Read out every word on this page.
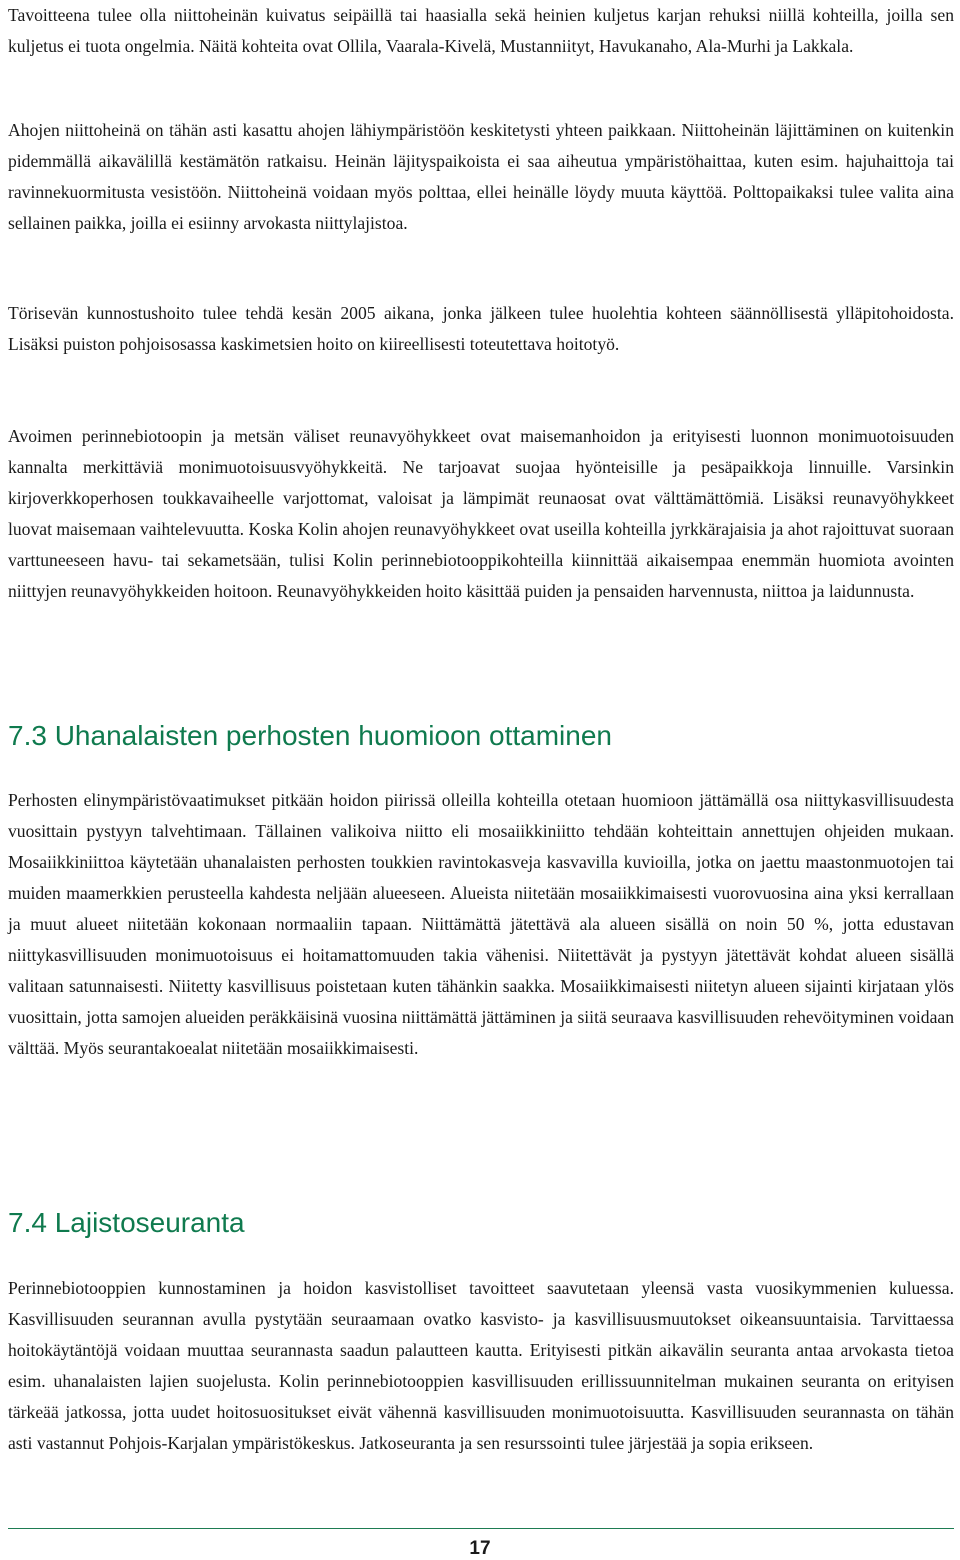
Tavoitteena tulee olla niittoheinän kuivatus seipäillä tai haasialla sekä heinien kuljetus karjan rehuksi niillä kohteilla, joilla sen kuljetus ei tuota ongelmia. Näitä kohteita ovat Ollila, Vaarala-Kivelä, Mustanniityt, Havukanaho, Ala-Murhi ja Lakkala.

Ahojen niittoheinä on tähän asti kasattu ahojen lähiympäristöön keskitetysti yhteen paikkaan. Niittoheinän läjittäminen on kuitenkin pidemmällä aikavälillä kestämätön ratkaisu. Heinän läjityspaikoista ei saa aiheutua ympäristöhaittaa, kuten esim. hajuhaittoja tai ravinnekuormitusta vesistöön. Niittoheinä voidaan myös polttaa, ellei heinälle löydy muuta käyttöä. Polttopaikaksi tulee valita aina sellainen paikka, joilla ei esiinny arvokasta niittylajistoa.

Törisevän kunnostushoito tulee tehdä kesän 2005 aikana, jonka jälkeen tulee huolehtia kohteen säännöllisestä ylläpitohoidosta. Lisäksi puiston pohjoisosassa kaskimetsien hoito on kiireellisesti toteutettava hoitotyö.

Avoimen perinnebiotoopin ja metsän väliset reunavyöhykkeet ovat maisemanhoidon ja erityisesti luonnon monimuotoisuuden kannalta merkittäviä monimuotoisuusvyöhykkeitä. Ne tarjoavat suojaa hyönteisille ja pesäpaikkoja linnuille. Varsinkin kirjoverkkoperhosen toukkavaiheelle varjottomat, valoisat ja lämpimät reunaosat ovat välttämättömiä. Lisäksi reunavyöhykkeet luovat maisemaan vaihtelevuutta. Koska Kolin ahojen reunavyöhykkeet ovat useilla kohteilla jyrkkärajaisia ja ahot rajoittuvat suoraan varttuneeseen havu- tai sekametsään, tulisi Kolin perinnebiotooppikohteilla kiinnittää aikaisempaa enemmän huomiota avointen niittyjen reunavyöhykkeiden hoitoon. Reunavyöhykkeiden hoito käsittää puiden ja pensaiden harvennusta, niittoa ja laidunnusta.

7.3 Uhanalaisten perhosten huomioon ottaminen

Perhosten elinympäristövaatimukset pitkään hoidon piirissä olleilla kohteilla otetaan huomioon jättämällä osa niittykasvillisuudesta vuosittain pystyyn talvehtimaan. Tällainen valikoiva niitto eli mosaiikkiniitto tehdään kohteittain annettujen ohjeiden mukaan. Mosaiikkiniittoa käytetään uhanalaisten perhosten toukkien ravintokasveja kasvavilla kuvioilla, jotka on jaettu maastonmuotojen tai muiden maamerkkien perusteella kahdesta neljään alueeseen. Alueista niitetään mosaiikkimaisesti vuorovuosina aina yksi kerrallaan ja muut alueet niitetään kokonaan normaaliin tapaan. Niittämättä jätettävä ala alueen sisällä on noin 50 %, jotta edustavan niittykasvillisuuden monimuotoisuus ei hoitamattomuuden takia vähenisi. Niitettävät ja pystyyn jätettävät kohdat alueen sisällä valitaan satunnaisesti. Niitetty kasvillisuus poistetaan kuten tähänkin saakka. Mosaiikkimaisesti niitetyn alueen sijainti kirjataan ylös vuosittain, jotta samojen alueiden peräkkäisinä vuosina niittämättä jättäminen ja siitä seuraava kasvillisuuden rehevöityminen voidaan välttää. Myös seurantakoealat niitetään mosaiikkimaisesti.

7.4 Lajistoseuranta

Perinnebiotooppien kunnostaminen ja hoidon kasvistolliset tavoitteet saavutetaan yleensä vasta vuosikymmenien kuluessa. Kasvillisuuden seurannan avulla pystytään seuraamaan ovatko kasvisto- ja kasvillisuusmuutokset oikeansuuntaisia. Tarvittaessa hoitokäytäntöjä voidaan muuttaa seurannasta saadun palautteen kautta. Erityisesti pitkän aikavälin seuranta antaa arvokasta tietoa esim. uhanalaisten lajien suojelusta. Kolin perinnebiotooppien kasvillisuuden erillissuunnitelman mukainen seuranta on erityisen tärkeää jatkossa, jotta uudet hoitosuositukset eivät vähennä kasvillisuuden monimuotoisuutta. Kasvillisuuden seurannasta on tähän asti vastannut Pohjois-Karjalan ympäristökeskus. Jatkoseuranta ja sen resurssointi tulee järjestää ja sopia erikseen.

17
